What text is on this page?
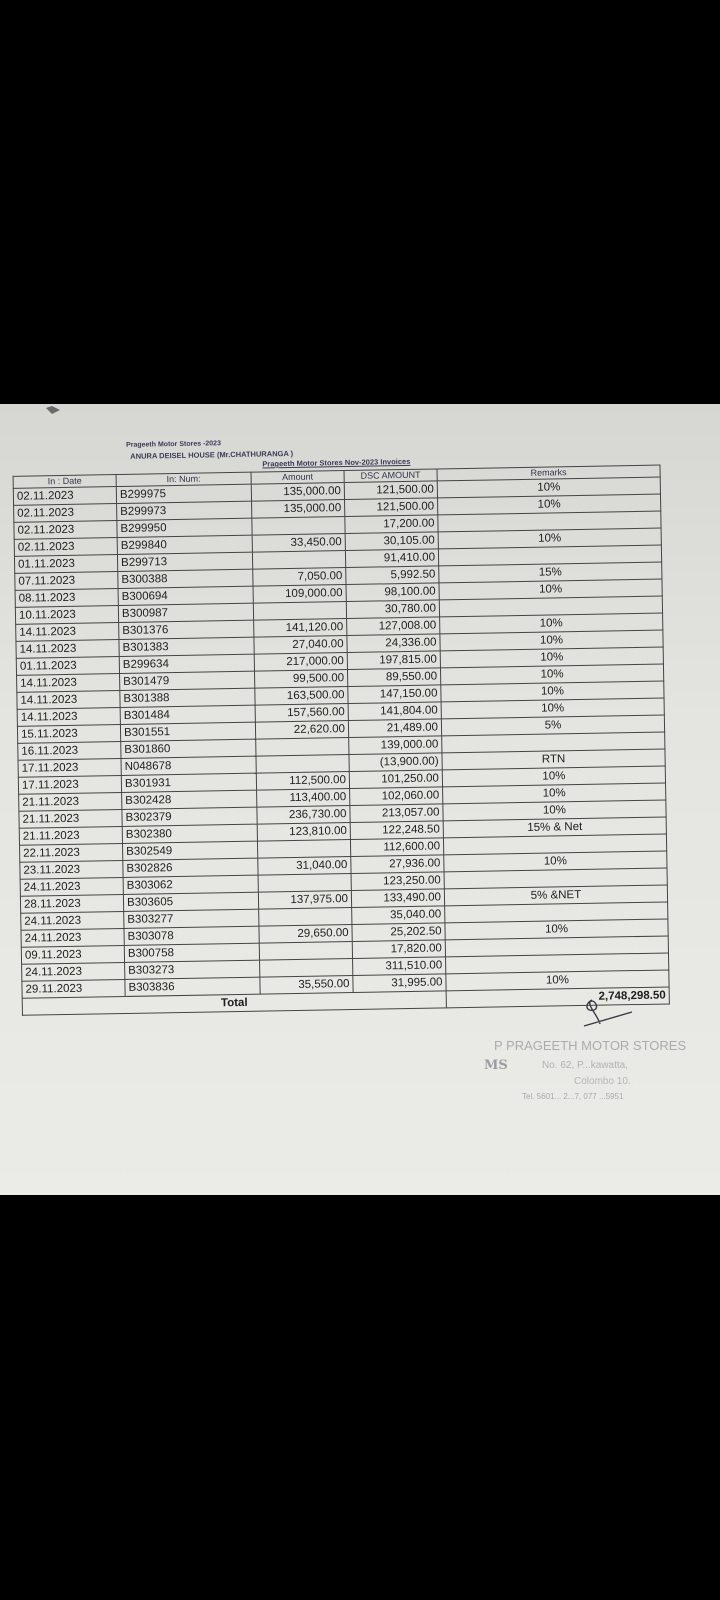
Prageeth Motor Stores -2023
ANURA DEISEL HOUSE (Mr.CHATHURANGA )
Prageeth Motor Stores Nov-2023 Invoices
In : Date	In: Num:	Amount	DSC AMOUNT	Remarks
02.11.2023	B299975	135,000.00	121,500.00	10%
02.11.2023	B299973	135,000.00	121,500.00	10%
02.11.2023	B299950		17,200.00	
02.11.2023	B299840	33,450.00	30,105.00	10%
01.11.2023	B299713		91,410.00	
07.11.2023	B300388	7,050.00	5,992.50	15%
08.11.2023	B300694	109,000.00	98,100.00	10%
10.11.2023	B300987		30,780.00	
14.11.2023	B301376	141,120.00	127,008.00	10%
14.11.2023	B301383	27,040.00	24,336.00	10%
01.11.2023	B299634	217,000.00	197,815.00	10%
14.11.2023	B301479	99,500.00	89,550.00	10%
14.11.2023	B301388	163,500.00	147,150.00	10%
14.11.2023	B301484	157,560.00	141,804.00	10%
15.11.2023	B301551	22,620.00	21,489.00	5%
16.11.2023	B301860		139,000.00	
17.11.2023	N048678		(13,900.00)	RTN
17.11.2023	B301931	112,500.00	101,250.00	10%
21.11.2023	B302428	113,400.00	102,060.00	10%
21.11.2023	B302379	236,730.00	213,057.00	10%
21.11.2023	B302380	123,810.00	122,248.50	15% & Net
22.11.2023	B302549		112,600.00	
23.11.2023	B302826	31,040.00	27,936.00	10%
24.11.2023	B303062		123,250.00	
28.11.2023	B303605	137,975.00	133,490.00	5% &NET
24.11.2023	B303277		35,040.00	
24.11.2023	B303078	29,650.00	25,202.50	10%
09.11.2023	B300758		17,820.00	
24.11.2023	B303273		311,510.00	
29.11.2023	B303836	35,550.00	31,995.00	10%
Total				2,748,298.50
P PRAGEETH MOTOR STORES
MS	No. 62, P...kawatta,
Colombo 10.
Tel. 5601... 2...7, 077 ...5951
